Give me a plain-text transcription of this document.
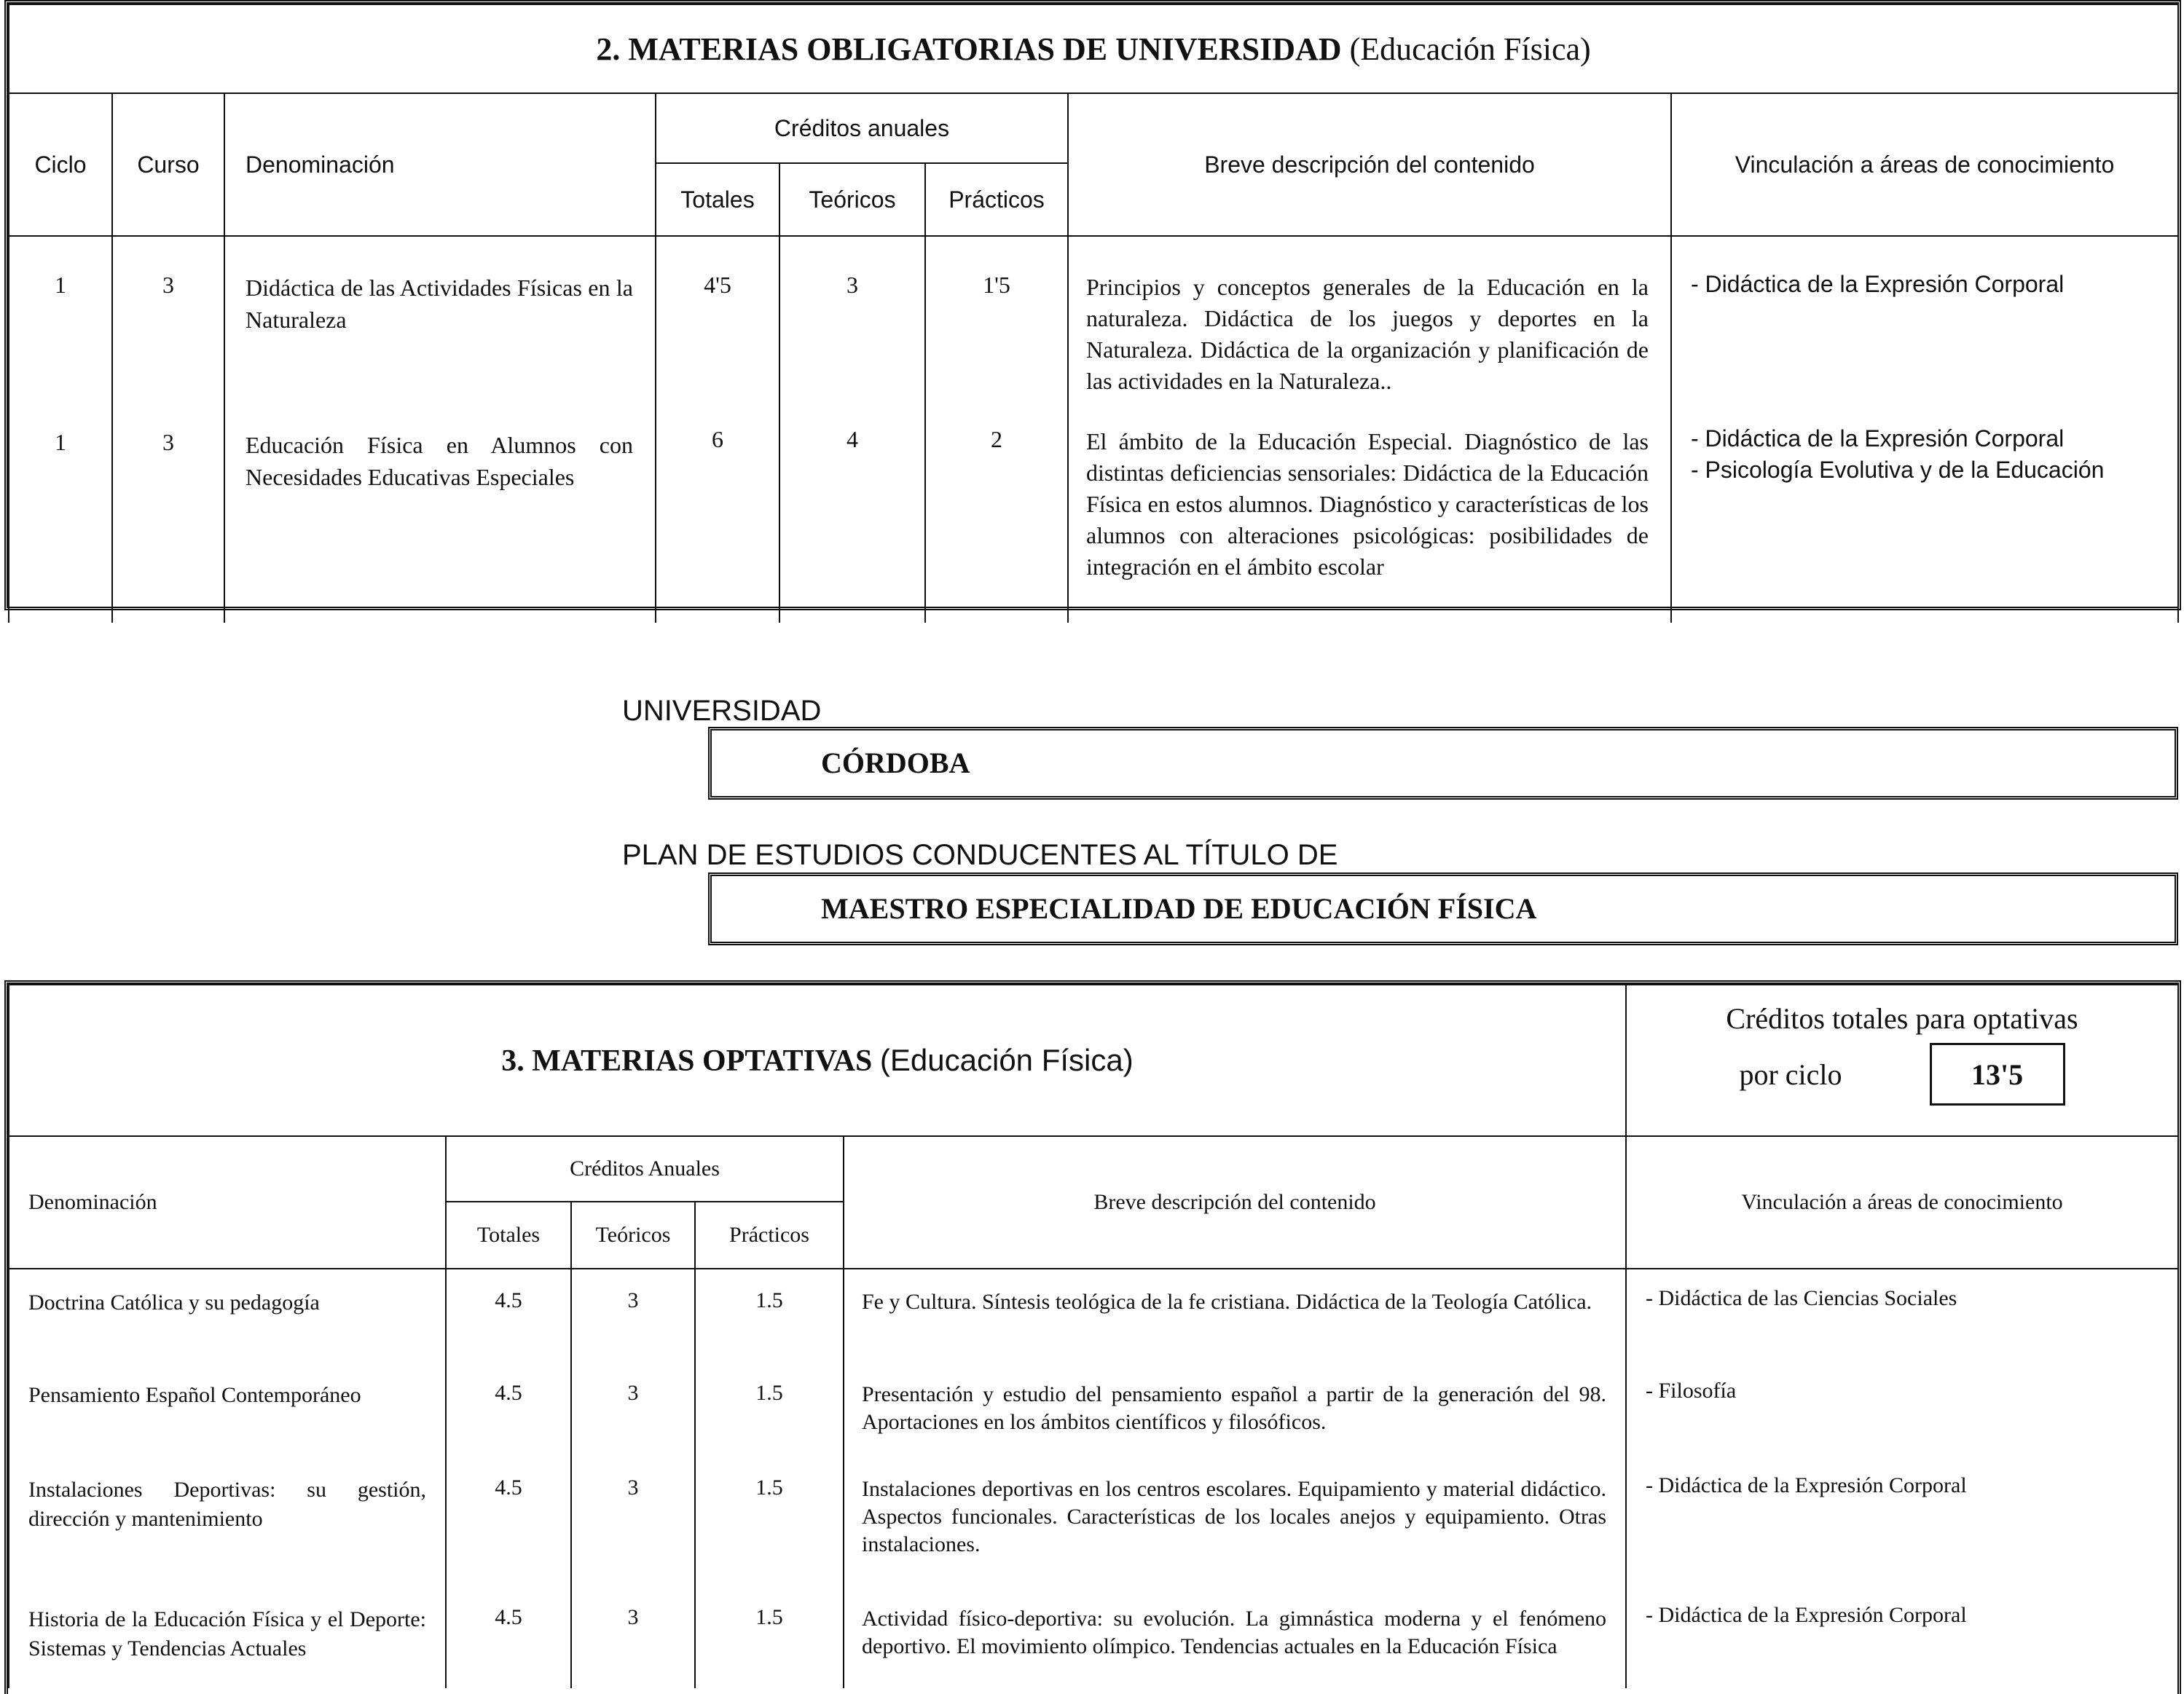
2. MATERIAS OBLIGATORIAS DE UNIVERSIDAD (Educación Física)							
Ciclo	Curso	Denominación	Créditos anuales			Breve descripción del contenido	Vinculación a áreas de conocimiento
			Totales	Teóricos	Prácticos		
1	3	Didáctica de las Actividades Físicas en la Naturaleza	4'5	3	1'5	Principios y conceptos generales de la Educación en la naturaleza. Didáctica de los juegos y deportes en la Naturaleza. Didáctica de la organización y planificación de las actividades en la Naturaleza..	- Didáctica de la Expresión Corporal

1	3	Educación Física en Alumnos con Necesidades Educativas Especiales	6	4	2	El ámbito de la Educación Especial. Diagnóstico de las distintas deficiencias sensoriales: Didáctica de la Educación Física en estos alumnos. Diagnóstico y características de los alumnos con alteraciones psicológicas: posibilidades de integración en el ámbito escolar	- Didáctica de la Expresión Corporal
- Psicología Evolutiva y de la Educación
UNIVERSIDAD
CÓRDOBA
PLAN DE ESTUDIOS CONDUCENTES AL TÍTULO DE
MAESTRO ESPECIALIDAD DE EDUCACIÓN FÍSICA
3. MATERIAS OPTATIVAS (Educación Física)					Créditos totales para optativas
por ciclo 13'5

Denominación	Créditos Anuales			Breve descripción del contenido	Vinculación a áreas de conocimiento
	Totales	Teóricos	Prácticos		
Doctrina Católica y su pedagogía	4.5	3	1.5	Fe y Cultura. Síntesis teológica de la fe cristiana. Didáctica de la Teología Católica.	- Didáctica de las Ciencias Sociales
Pensamiento Español Contemporáneo	4.5	3	1.5	Presentación y estudio del pensamiento español a partir de la generación del 98. Aportaciones en los ámbitos científicos y filosóficos.	- Filosofía
Instalaciones Deportivas: su gestión, dirección y mantenimiento	4.5	3	1.5	Instalaciones deportivas en los centros escolares. Equipamiento y material didáctico. Aspectos funcionales. Características de los locales anejos y equipamiento. Otras instalaciones.	- Didáctica de la Expresión Corporal
Historia de la Educación Física y el Deporte: Sistemas y Tendencias Actuales	4.5	3	1.5	Actividad físico-deportiva: su evolución. La gimnástica moderna y el fenómeno deportivo. El movimiento olímpico. Tendencias actuales en la Educación Física	- Didáctica de la Expresión Corporal
